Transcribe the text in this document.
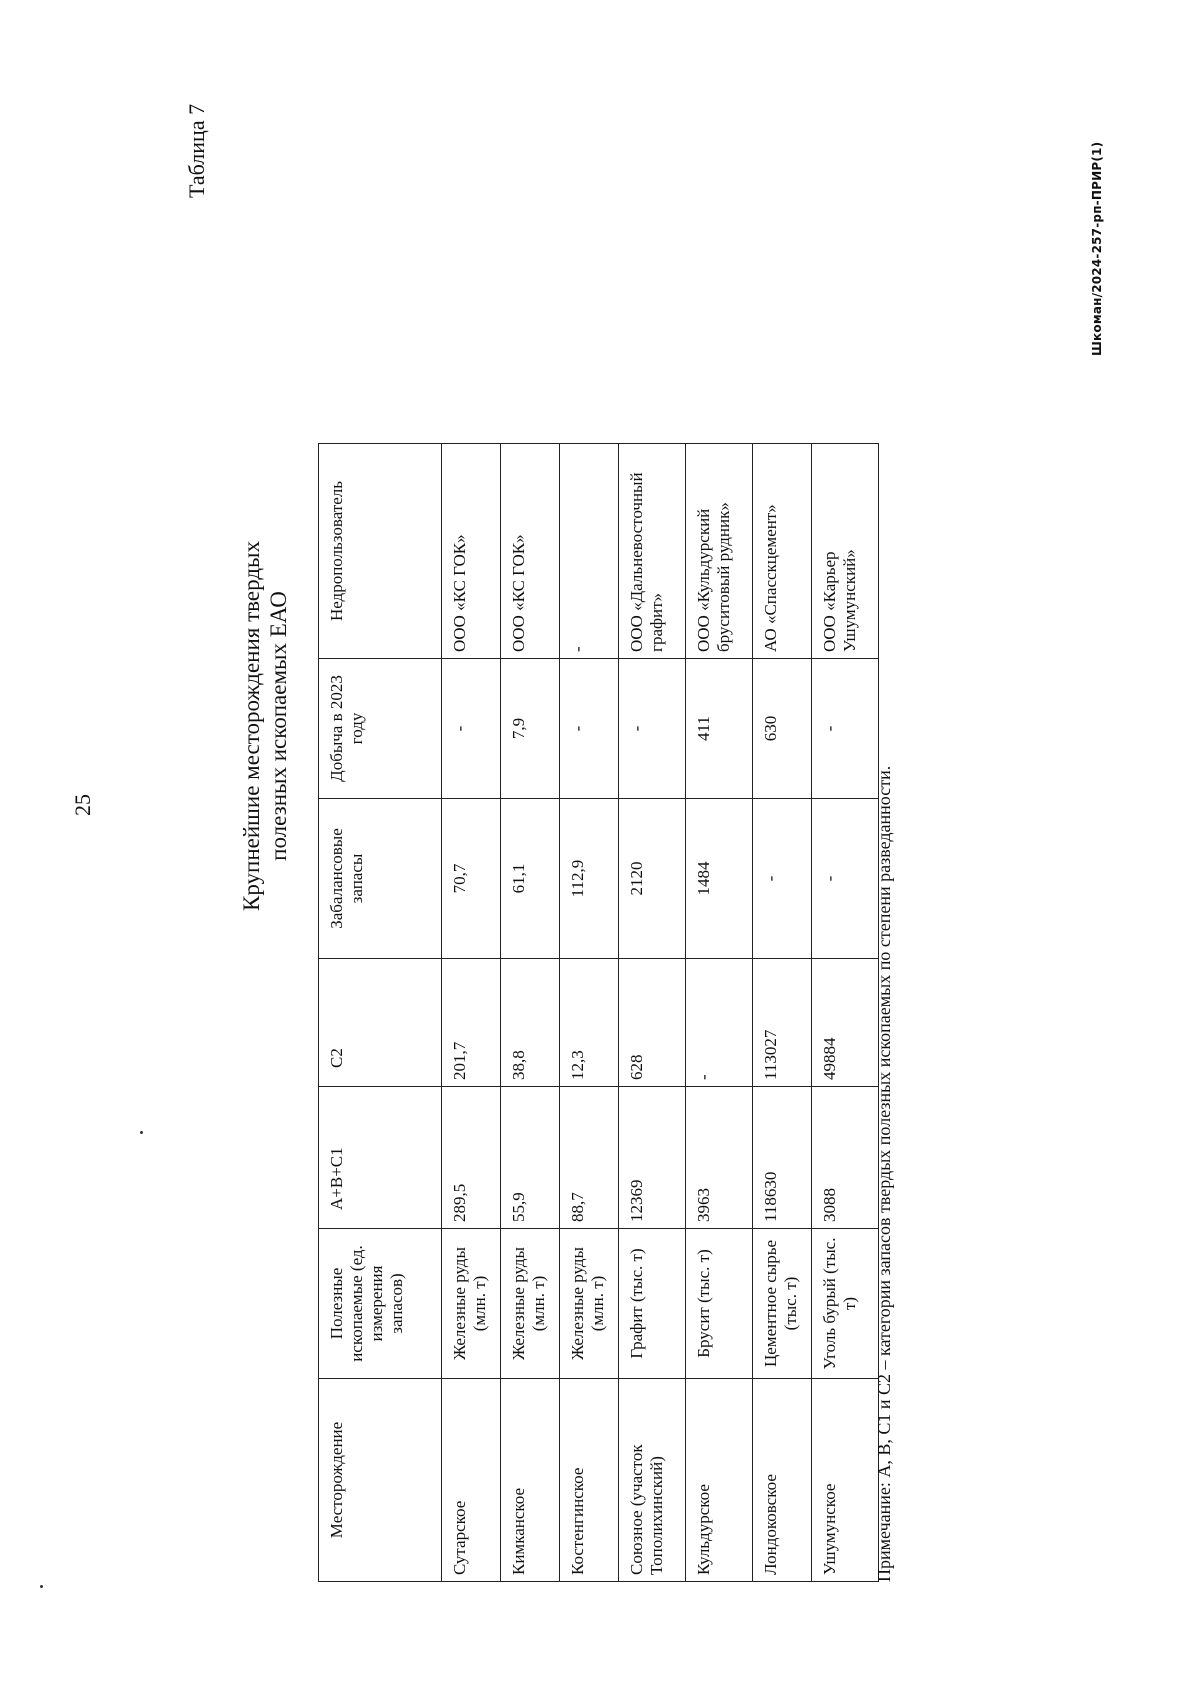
25
Таблица 7
Крупнейшие месторождения твердых полезных ископаемых ЕАО
Месторождение	Полезные ископаемые (ед. измерения запасов)	A+B+C1	C2	Забалансовые запасы	Добыча в 2023 году	Недропользователь
Сутарское	Железные руды (млн. т)	289,5	201,7	70,7	-	ООО «КС ГОК»
Кимканское	Железные руды (млн. т)	55,9	38,8	61,1	7,9	ООО «КС ГОК»
Костенгинское	Железные руды (млн. т)	88,7	12,3	112,9	-	-
Союзное (участок Тополихинский)	Графит (тыс. т)	12369	628	2120	-	ООО «Дальневосточный графит»
Кульдурское	Брусит (тыс. т)	3963	-	1484	411	ООО «Кульдурский бруситовый рудник»
Лондоковское	Цементное сырье (тыс. т)	118630	113027	-	630	АО «Спасскцемент»
Ушумунское	Уголь бурый (тыс. т)	3088	49884	-	-	ООО «Карьер Ушумунский»
Примечание: А, В, С1 и С2 – категории запасов твердых полезных ископаемых по степени разведанности.
Шкоман/2024-257-рп-ПРИР(1)
